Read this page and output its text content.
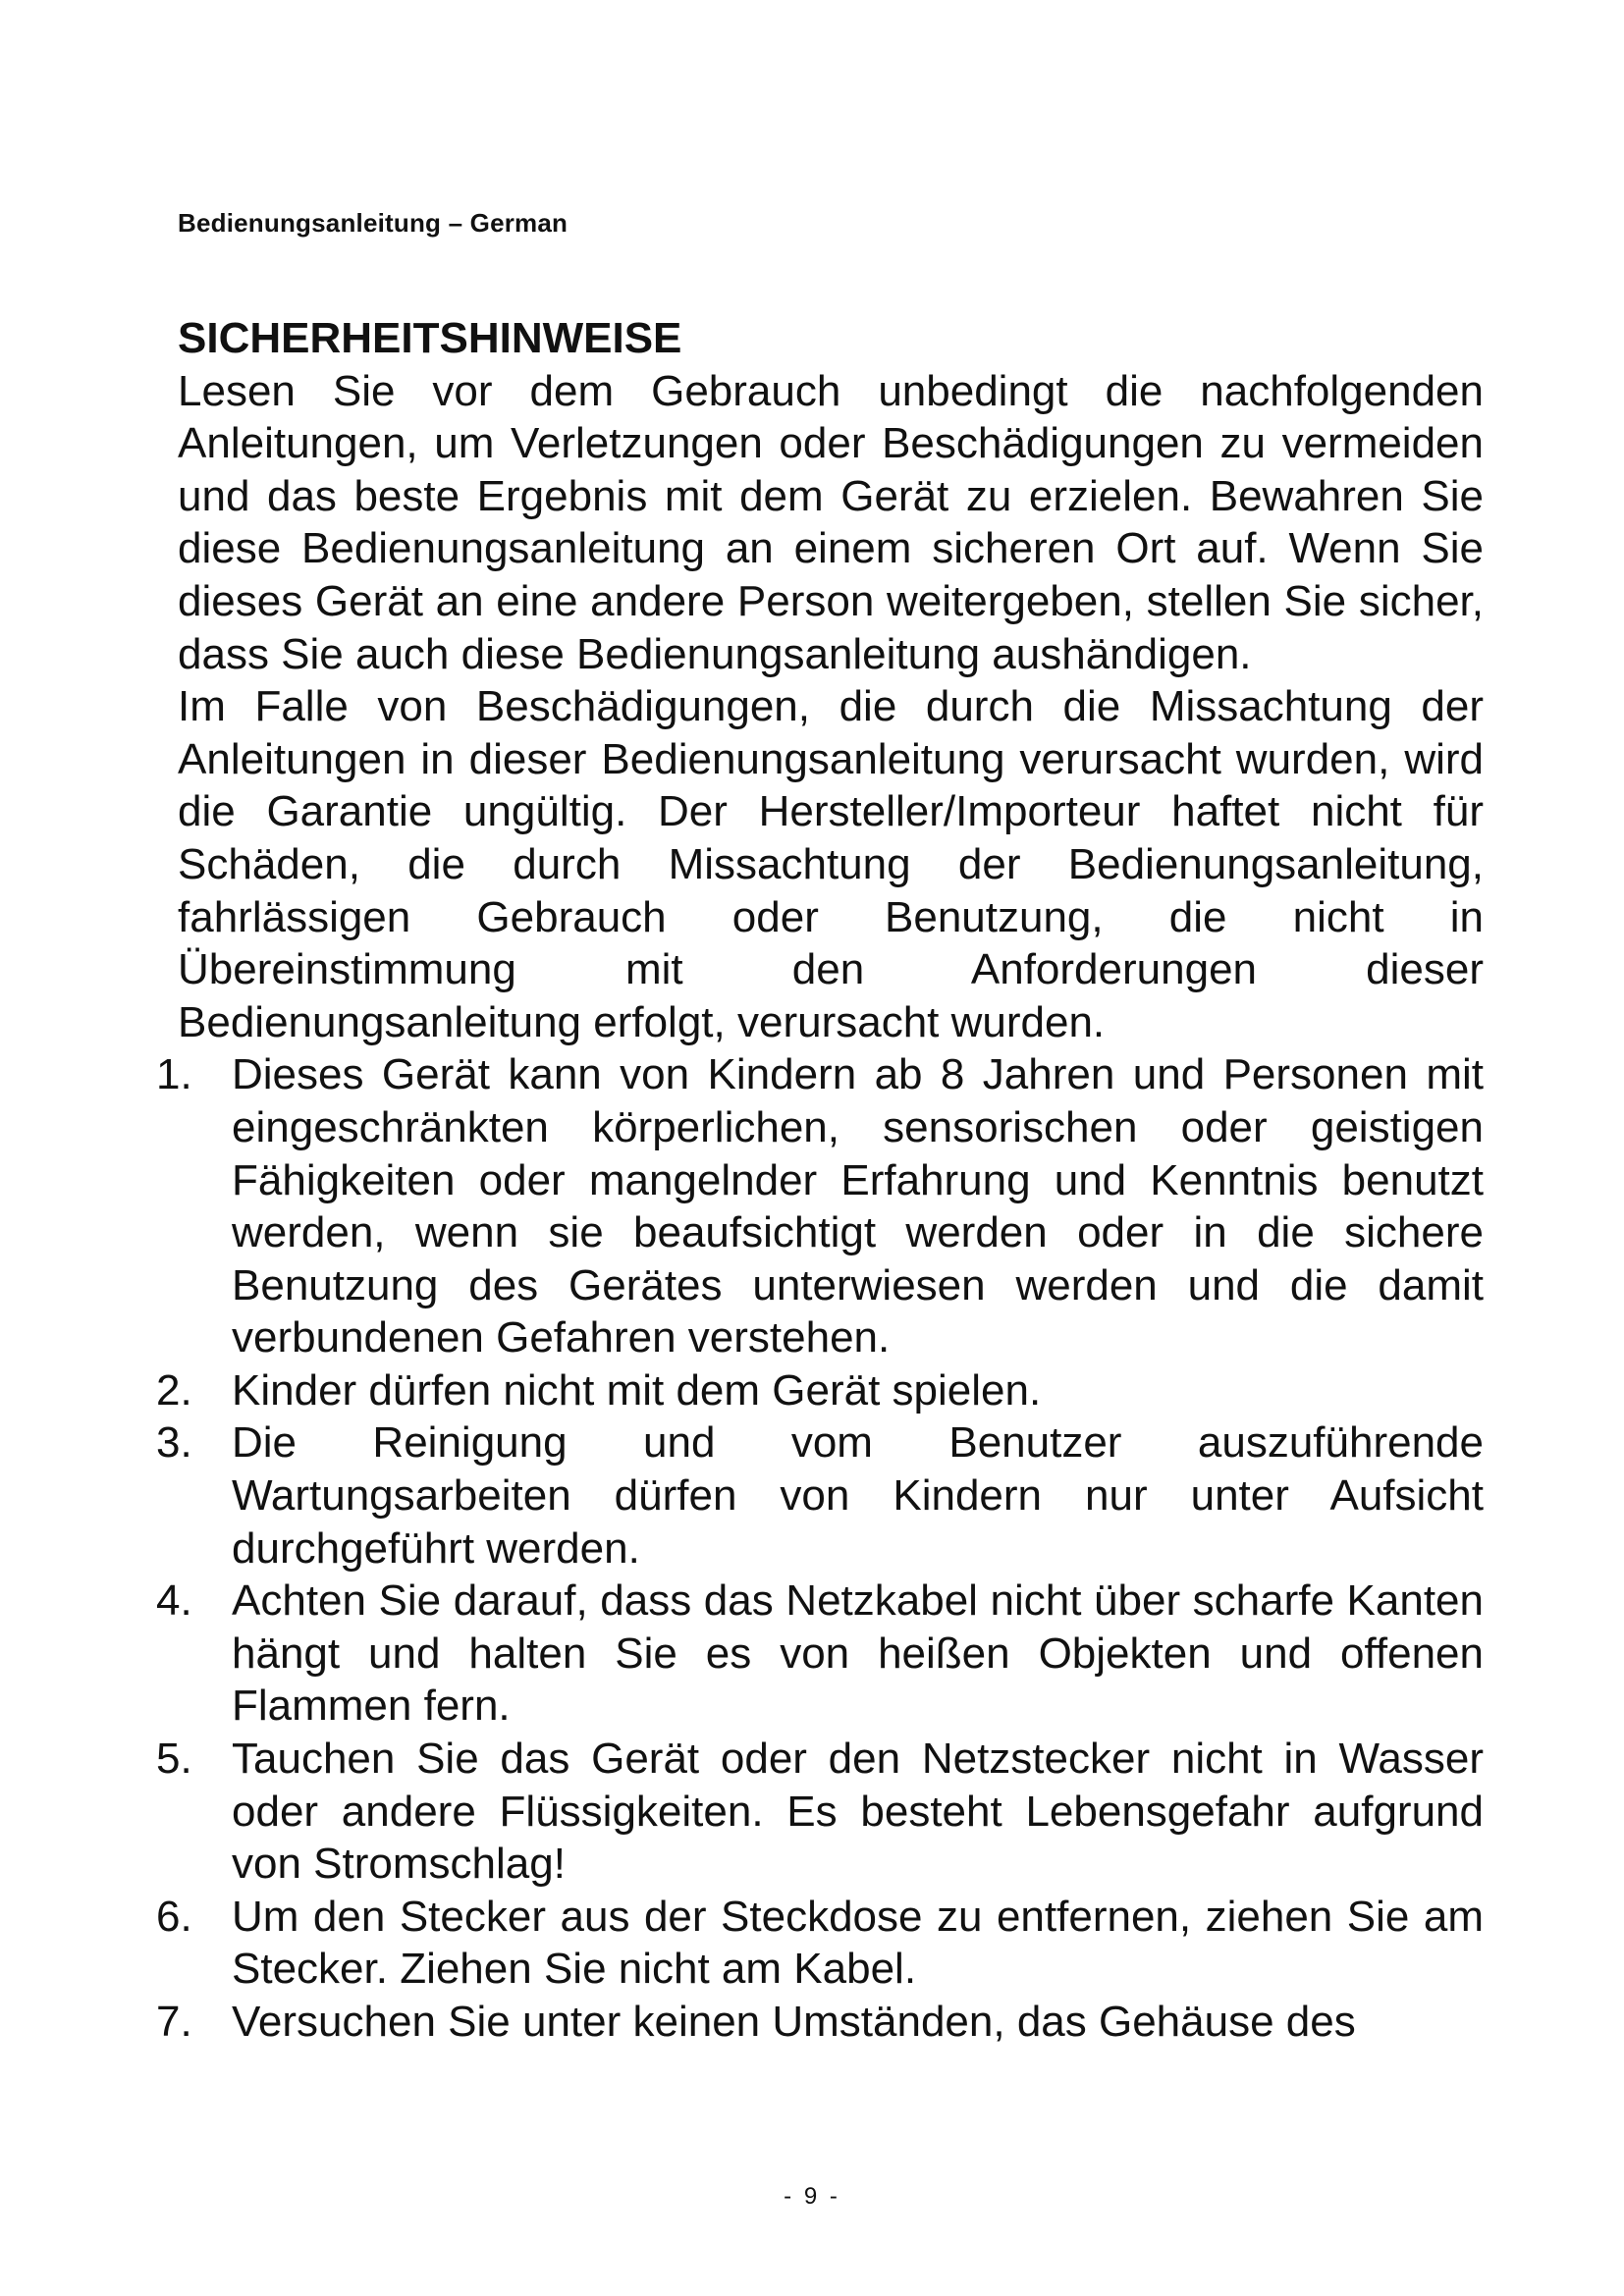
Bedienungsanleitung – German
SICHERHEITSHINWEISE

Lesen Sie vor dem Gebrauch unbedingt die nachfolgenden Anleitungen, um Verletzungen oder Beschädigungen zu vermeiden und das beste Ergebnis mit dem Gerät zu erzielen. Bewahren Sie diese Bedienungsanleitung an einem sicheren Ort auf. Wenn Sie dieses Gerät an eine andere Person weitergeben, stellen Sie sicher, dass Sie auch diese Bedienungsanleitung aushändigen.

Im Falle von Beschädigungen, die durch die Missachtung der Anleitungen in dieser Bedienungsanleitung verursacht wurden, wird die Garantie ungültig. Der Hersteller/Importeur haftet nicht für Schäden, die durch Missachtung der Bedienungsanleitung, fahrlässigen Gebrauch oder Benutzung, die nicht in Übereinstimmung mit den Anforderungen dieser Bedienungsanleitung erfolgt, verursacht wurden.

1. Dieses Gerät kann von Kindern ab 8 Jahren und Personen mit eingeschränkten körperlichen, sensorischen oder geistigen Fähigkeiten oder mangelnder Erfahrung und Kenntnis benutzt werden, wenn sie beaufsichtigt werden oder in die sichere Benutzung des Gerätes unterwiesen werden und die damit verbundenen Gefahren verstehen.
2. Kinder dürfen nicht mit dem Gerät spielen.
3. Die Reinigung und vom Benutzer auszuführende Wartungsarbeiten dürfen von Kindern nur unter Aufsicht durchgeführt werden.
4. Achten Sie darauf, dass das Netzkabel nicht über scharfe Kanten hängt und halten Sie es von heißen Objekten und offenen Flammen fern.
5. Tauchen Sie das Gerät oder den Netzstecker nicht in Wasser oder andere Flüssigkeiten. Es besteht Lebensgefahr aufgrund von Stromschlag!
6. Um den Stecker aus der Steckdose zu entfernen, ziehen Sie am Stecker. Ziehen Sie nicht am Kabel.
7. Versuchen Sie unter keinen Umständen, das Gehäuse des
- 9 -
